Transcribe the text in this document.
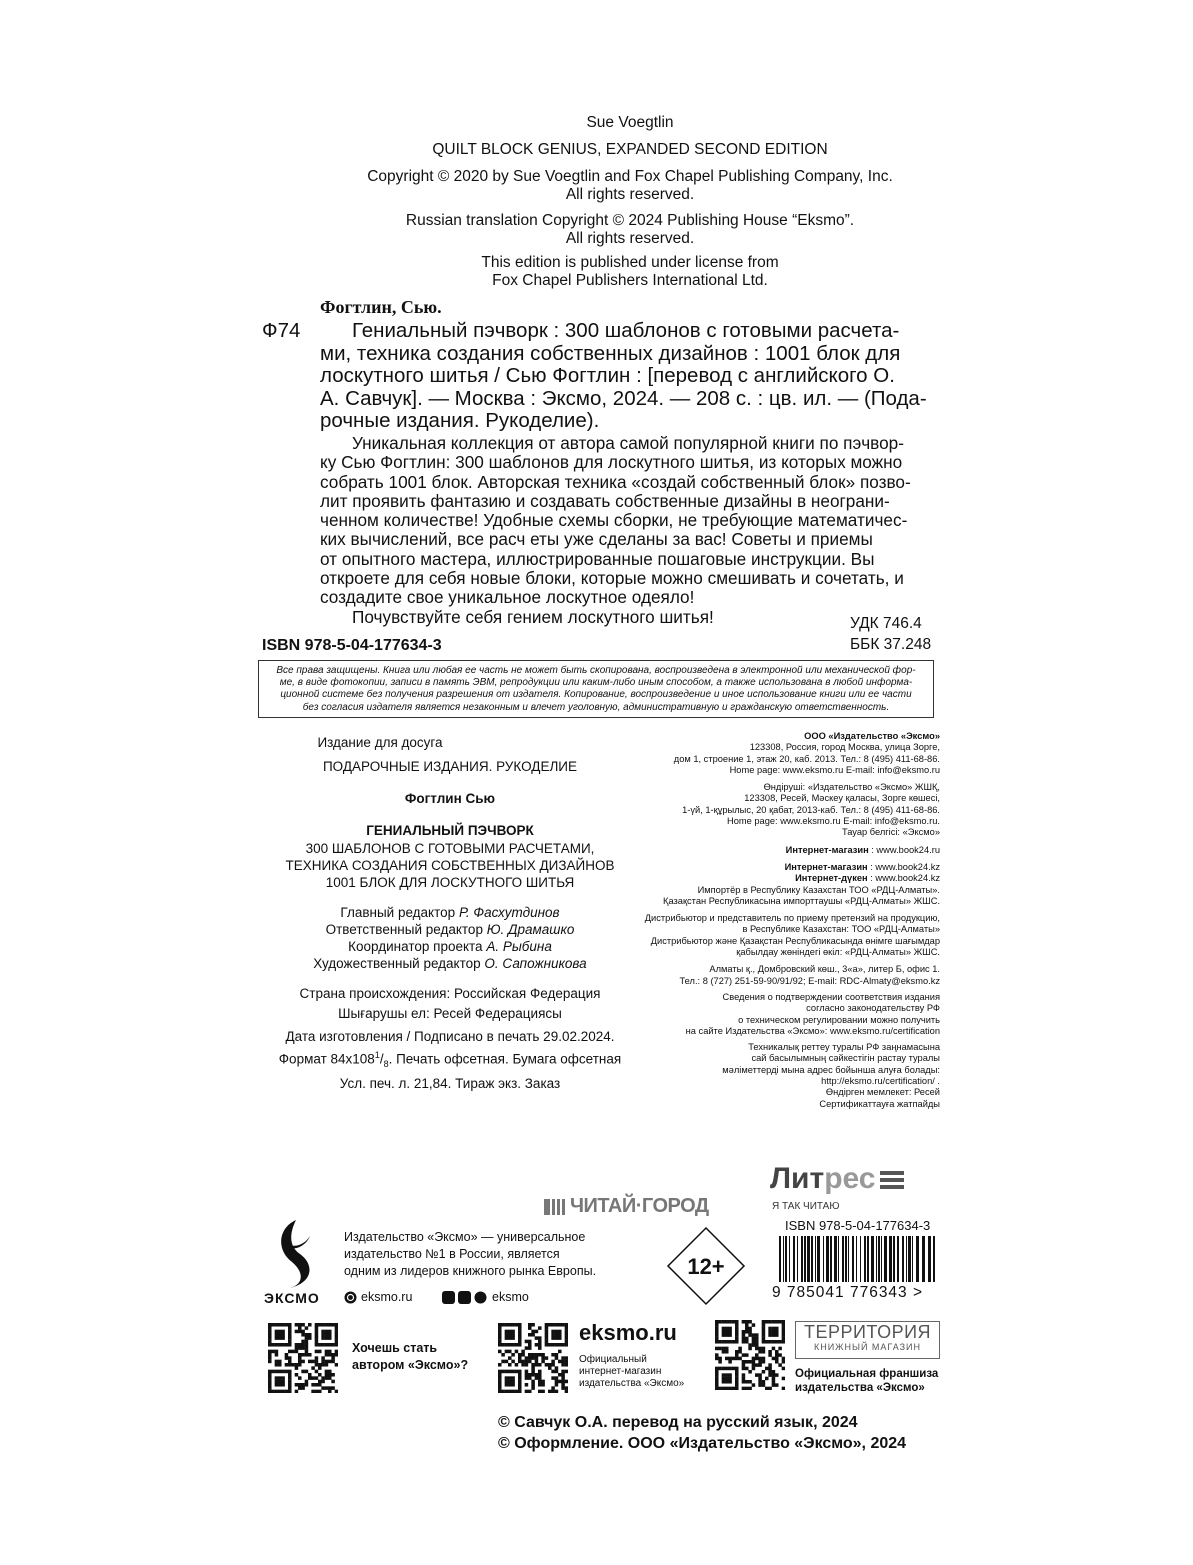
Sue Voegtlin
QUILT BLOCK GENIUS, EXPANDED SECOND EDITION
Copyright © 2020 by Sue Voegtlin and Fox Chapel Publishing Company, Inc.
All rights reserved.
Russian translation Copyright © 2024 Publishing House “Eksmo”.
All rights reserved.
This edition is published under license from
Fox Chapel Publishers International Ltd.
Фогтлин, Сью.
Ф74	Гениальный пэчворк : 300 шаблонов с готовыми расчета-
ми, техника создания собственных дизайнов : 1001 блок для
лоскутного шитья / Сью Фогтлин : [перевод с английского О.
А. Савчук]. — Москва : Эксмо, 2024. — 208 с. : цв. ил. — (Пода-
рочные издания. Рукоделие).
Уникальная коллекция от автора самой популярной книги по пэчвор-
ку Сью Фогтлин: 300 шаблонов для лоскутного шитья, из которых можно
собрать 1001 блок. Авторская техника «создай собственный блок» позво-
лит проявить фантазию и создавать собственные дизайны в неограни-
ченном количестве! Удобные схемы сборки, не требующие математичес-
ких вычислений, все расч еты уже сделаны за вас! Советы и приемы
от опытного мастера, иллюстрированные пошаговые инструкции. Вы
откроете для себя новые блоки, которые можно смешивать и сочетать, и
создадите свое уникальное лоскутное одеяло!
Почувствуйте себя гением лоскутного шитья!	УДК 746.4
ББК 37.248
ISBN 978-5-04-177634-3
Все права защищены. Книга или любая ее часть не может быть скопирована, воспроизведена в электронной или механической фор-
ме, в виде фотокопии, записи в память ЭВМ, репродукции или каким-либо иным способом, а также использована в любой информа-
ционной системе без получения разрешения от издателя. Копирование, воспроизведение и иное использование книги или ее части
без согласия издателя является незаконным и влечет уголовную, административную и гражданскую ответственность.
Издание для досуга
ПОДАРОЧНЫЕ ИЗДАНИЯ. РУКОДЕЛИЕ
Фогтлин Сью
ГЕНИАЛЬНЫЙ ПЭЧВОРК
300 ШАБЛОНОВ С ГОТОВЫМИ РАСЧЕТАМИ,
ТЕХНИКА СОЗДАНИЯ СОБСТВЕННЫХ ДИЗАЙНОВ
1001 БЛОК ДЛЯ ЛОСКУТНОГО ШИТЬЯ
Главный редактор Р. Фасхутдинов
Ответственный редактор Ю. Драмашко
Координатор проекта А. Рыбина
Художественный редактор О. Сапожникова
Страна происхождения: Российская Федерация
Шығарушы ел: Ресей Федерациясы
Дата изготовления / Подписано в печать 29.02.2024.
Формат $84х108^1/_8$. Печать офсетная. Бумага офсетная
Усл. печ. л. 21,84. Тираж экз. Заказ
ООО «Издательство «Эксмо»
123308, Россия, город Москва, улица Зорге,
дом 1, строение 1, этаж 20, каб. 2013. Тел.: 8 (495) 411-68-86.
Home page: www.eksmo.ru E-mail: info@eksmo.ru
Өндіруші: «Издательство «Эксмо» ЖШҚ,
123308, Ресей, Мәскеу қаласы, Зорге көшесі,
1-үй, 1-құрылыс, 20 қабат, 2013-каб. Тел.: 8 (495) 411-68-86.
Home page: www.eksmo.ru E-mail: info@eksmo.ru.
Тауар белгісі: «Эксмо»
Интернет-магазин : www.book24.ru
Интернет-магазин : www.book24.kz
Интернет-дүкен : www.book24.kz
Импортёр в Республику Казахстан ТОО «РДЦ-Алматы».
Қазақстан Республикасына импорттаушы «РДЦ-Алматы» ЖШС.
Дистрибьютор и представитель по приему претензий на продукцию,
в Республике Казахстан: ТОО «РДЦ-Алматы»
Дистрибьютор және Қазақстан Республикасында өнімге шағымдар
қабылдау жөніндегі өкіл: «РДЦ-Алматы» ЖШС.
Алматы қ., Домбровский көш., 3«а», литер Б, офис 1.
Тел.: 8 (727) 251-59-90/91/92; E-mail: RDC-Almaty@eksmo.kz
Сведения о подтверждении соответствия издания
согласно законодательству РФ
о техническом регулировании можно получить
на сайте Издательства «Эксмо»: www.eksmo.ru/certification
Техникалық реттеу туралы РФ заңнамасына
сай басылымның сәйкестігін растау туралы
мәліметтерді мына адрес бойынша алуға болады:
http://eksmo.ru/certification/ .
Өндірген мемлекет: Ресей
Сертификаттауға жатпайды
ЧИТАЙ·ГОРОД
Лит рес
Я ТАК ЧИТАЮ
ISBN 978-5-04-177634-3
9 785041 776343 >
ЭКСМО
Издательство «Эксмо» — универсальное
издательство №1 в России, является
одним из лидеров книжного рынка Европы.
eksmo.ru	eksmo
12+
Хочешь стать
автором «Эксмо»?
eksmo.ru
Официальный
интернет-магазин
издательства «Эксмо»
ТЕРРИТОРИЯ
КНИЖНЫЙ МАГАЗИН
Официальная франшиза
издательства «Эксмо»
© Савчук О.А. перевод на русский язык, 2024
© Оформление. ООО «Издательство «Эксмо», 2024
